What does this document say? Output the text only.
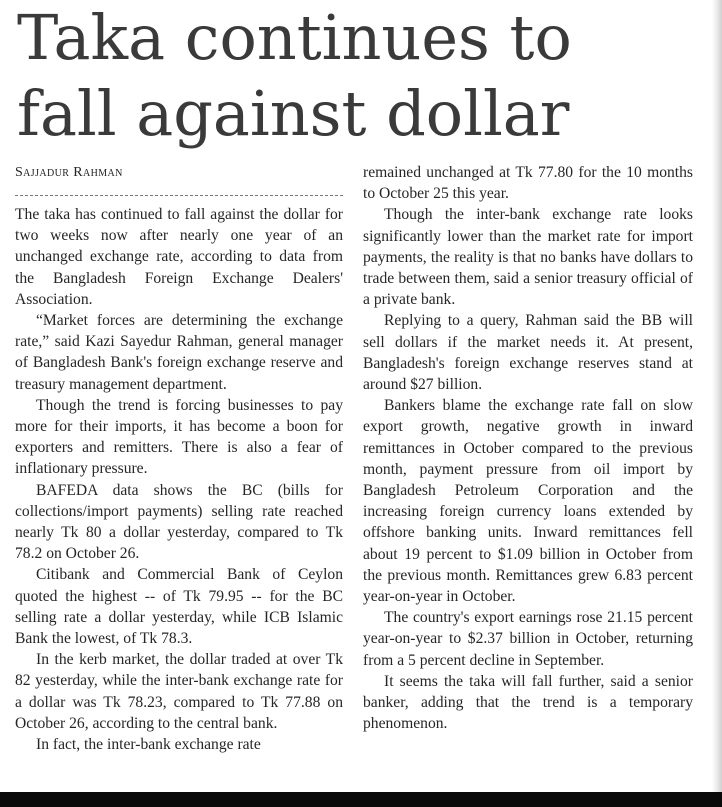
Taka continues to
fall against dollar
Sajjadur Rahman

The taka has continued to fall against the dollar for two weeks now after nearly one year of an unchanged exchange rate, according to data from the Bangladesh Foreign Exchange Dealers' Association.

“Market forces are determining the exchange rate,” said Kazi Sayedur Rahman, general manager of Bangladesh Bank's foreign exchange reserve and treasury management department.

Though the trend is forcing businesses to pay more for their imports, it has become a boon for exporters and remitters. There is also a fear of inflationary pressure.

BAFEDA data shows the BC (bills for collections/import payments) selling rate reached nearly Tk 80 a dollar yesterday, compared to Tk 78.2 on October 26.

Citibank and Commercial Bank of Ceylon quoted the highest -- of Tk 79.95 -- for the BC selling rate a dollar yesterday, while ICB Islamic Bank the lowest, of Tk 78.3.

In the kerb market, the dollar traded at over Tk 82 yesterday, while the inter-bank exchange rate for a dollar was Tk 78.23, compared to Tk 77.88 on October 26, according to the central bank.

In fact, the inter-bank exchange rate

remained unchanged at Tk 77.80 for the 10 months to October 25 this year.

Though the inter-bank exchange rate looks significantly lower than the market rate for import payments, the reality is that no banks have dollars to trade between them, said a senior treasury official of a private bank.

Replying to a query, Rahman said the BB will sell dollars if the market needs it. At present, Bangladesh's foreign exchange reserves stand at around $27 billion.

Bankers blame the exchange rate fall on slow export growth, negative growth in inward remittances in October compared to the previous month, payment pressure from oil import by Bangladesh Petroleum Corporation and the increasing foreign currency loans extended by offshore banking units. Inward remittances fell about 19 percent to $1.09 billion in October from the previous month. Remittances grew 6.83 percent year-on-year in October.

The country's export earnings rose 21.15 percent year-on-year to $2.37 billion in October, returning from a 5 percent decline in September.

It seems the taka will fall further, said a senior banker, adding that the trend is a temporary phenomenon.
